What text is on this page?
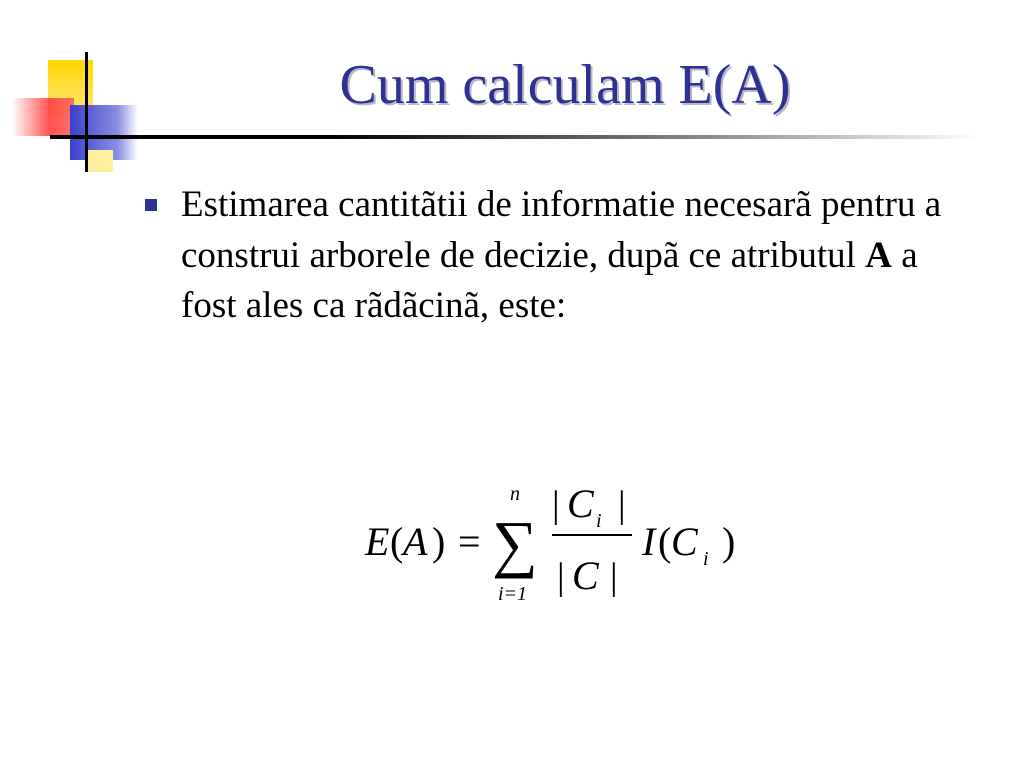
Cum calculam E(A)
Estimarea cantitãtii de informatie necesarã pentru a construi arborele de decizie, dupã ce atributul A a fost ales ca rãdãcinã, este:
E ( A ) =
n
∑
i=1
| C i |
| C |
I ( C i )
